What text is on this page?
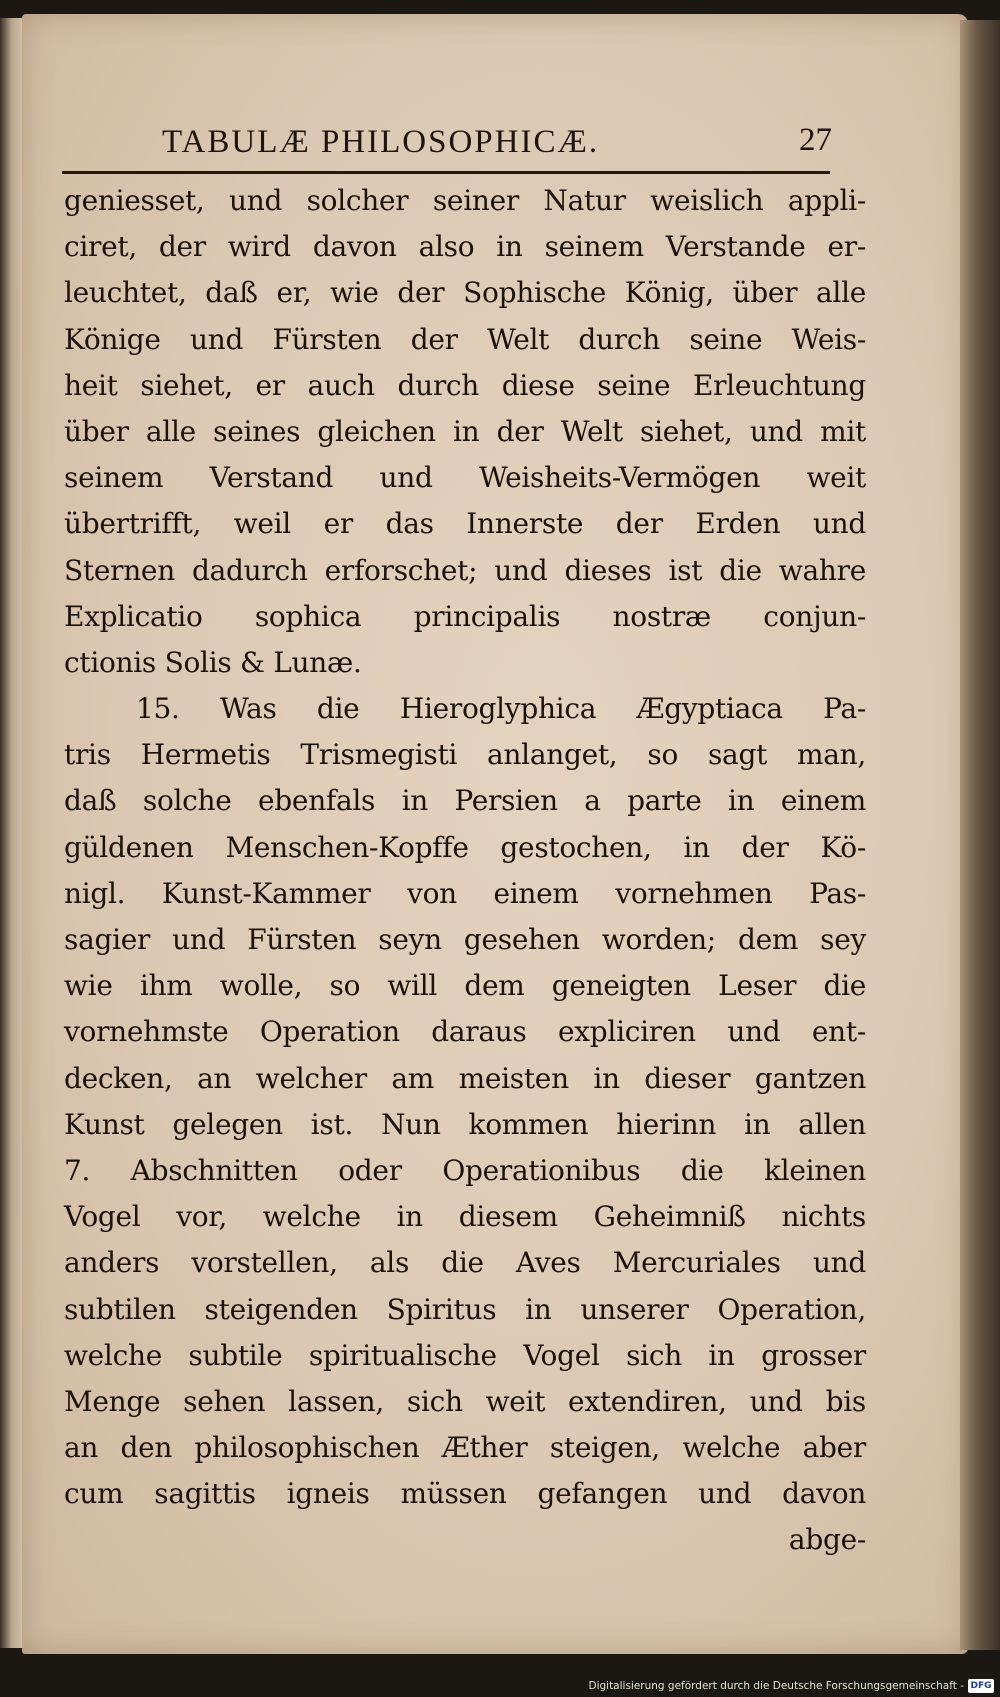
TABULÆ PHILOSOPHICÆ.	27
geniesset, und solcher seiner Natur weislich appli-
ciret, der wird davon also in seinem Verstande er-
leuchtet, daß er, wie der Sophische König, über alle
Könige und Fürsten der Welt durch seine Weis-
heit siehet, er auch durch diese seine Erleuchtung
über alle seines gleichen in der Welt siehet, und mit
seinem Verstand und Weisheits-Vermögen weit
übertrifft, weil er das Innerste der Erden und
Sternen dadurch erforschet; und dieses ist die wahre
Explicatio sophica principalis nostræ conjun-
ctionis Solis & Lunæ.
15. Was die Hieroglyphica Ægyptiaca Pa-
tris Hermetis Trismegisti anlanget, so sagt man,
daß solche ebenfals in Persien a parte in einem
güldenen Menschen-Kopffe gestochen, in der Kö-
nigl. Kunst-Kammer von einem vornehmen Pas-
sagier und Fürsten seyn gesehen worden; dem sey
wie ihm wolle, so will dem geneigten Leser die
vornehmste Operation daraus expliciren und ent-
decken, an welcher am meisten in dieser gantzen
Kunst gelegen ist. Nun kommen hierinn in allen
7. Abschnitten oder Operationibus die kleinen
Vogel vor, welche in diesem Geheimniß nichts
anders vorstellen, als die Aves Mercuriales und
subtilen steigenden Spiritus in unserer Operation,
welche subtile spiritualische Vogel sich in grosser
Menge sehen lassen, sich weit extendiren, und bis
an den philosophischen Æther steigen, welche aber
cum sagittis igneis müssen gefangen und davon
abge-
Digitalisierung gefördert durch die Deutsche Forschungsgemeinschaft - DFG
